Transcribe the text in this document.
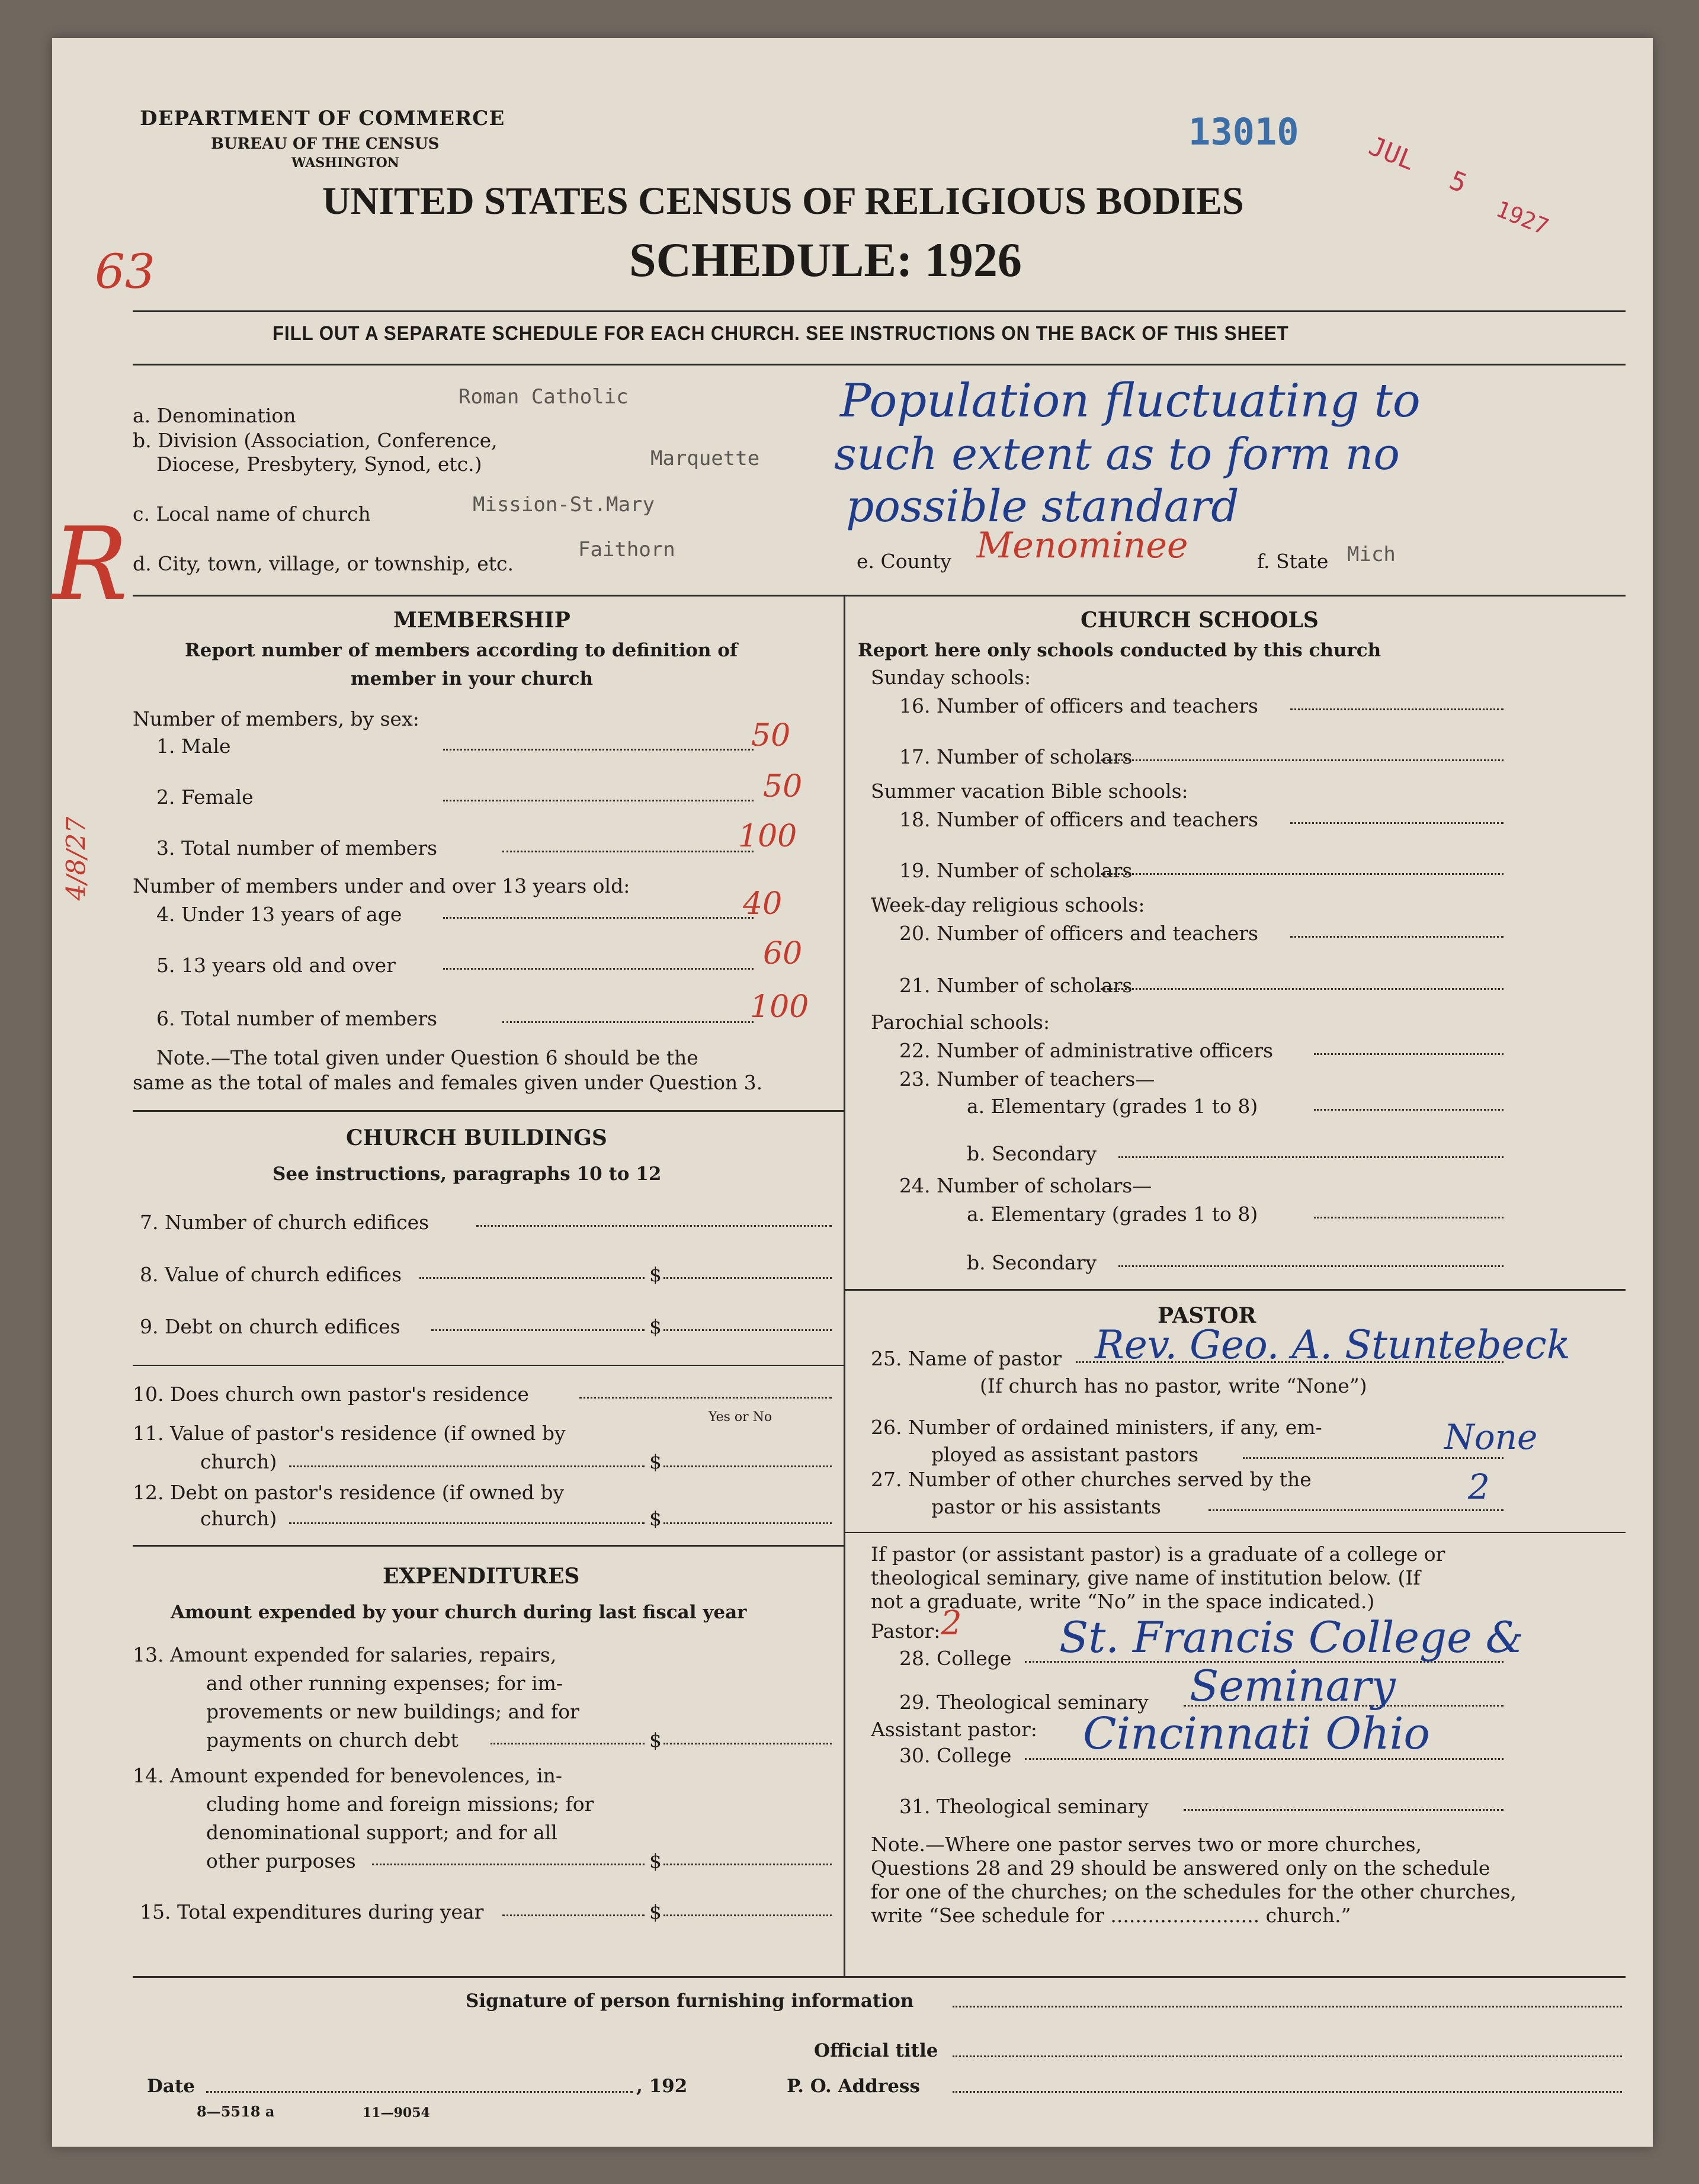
DEPARTMENT OF COMMERCE
BUREAU OF THE CENSUS
WASHINGTON
13010	JUL
5
1927
UNITED STATES CENSUS OF RELIGIOUS BODIES
SCHEDULE: 1926
63
FILL OUT A SEPARATE SCHEDULE FOR EACH CHURCH. SEE INSTRUCTIONS ON THE BACK OF THIS SHEET
Roman Catholic
a. Denomination
b. Division (Association, Conference,
Diocese, Presbytery, Synod, etc.)	Marquette
Mission-St.Mary
c. Local name of church
Faithorn
d. City, town, village, or township, etc.	e. County Menominee	f. State Mich
Population fluctuating to
such extent as to form no
possible standard
R
4/8/27
MEMBERSHIP
Report number of members according to definition of
member in your church
Number of members, by sex:
1. Male	50
2. Female	50
3. Total number of members	100
Number of members under and over 13 years old:
4. Under 13 years of age	40
5. 13 years old and over	60
6. Total number of members	100
Note.—The total given under Question 6 should be the
same as the total of males and females given under Question 3.
CHURCH BUILDINGS
See instructions, paragraphs 10 to 12
7. Number of church edifices
8. Value of church edifices	$
9. Debt on church edifices	$
10. Does church own pastor's residence
Yes or No
11. Value of pastor's residence (if owned by
church)	$
12. Debt on pastor's residence (if owned by
church)	$
EXPENDITURES
Amount expended by your church during last fiscal year
13. Amount expended for salaries, repairs,
and other running expenses; for im-
provements or new buildings; and for
payments on church debt	$
14. Amount expended for benevolences, in-
cluding home and foreign missions; for
denominational support; and for all
other purposes	$
15. Total expenditures during year	$
CHURCH SCHOOLS
Report here only schools conducted by this church
Sunday schools:
16. Number of officers and teachers
17. Number of scholars
Summer vacation Bible schools:
18. Number of officers and teachers
19. Number of scholars
Week-day religious schools:
20. Number of officers and teachers
21. Number of scholars
Parochial schools:
22. Number of administrative officers
23. Number of teachers—
a. Elementary (grades 1 to 8)
b. Secondary
24. Number of scholars—
a. Elementary (grades 1 to 8)
b. Secondary
PASTOR
25. Name of pastor Rev. Geo. A. Stuntebeck
(If church has no pastor, write “None”)
26. Number of ordained ministers, if any, em-
ployed as assistant pastors	None
27. Number of other churches served by the
pastor or his assistants	2
If pastor (or assistant pastor) is a graduate of a college or
theological seminary, give name of institution below. (If
not a graduate, write “No” in the space indicated.)
Pastor: 2
28. College St. Francis College &
29. Theological seminary Seminary
Assistant pastor:
30. College Cincinnati Ohio
31. Theological seminary
Note.—Where one pastor serves two or more churches,
Questions 28 and 29 should be answered only on the schedule
for one of the churches; on the schedules for the other churches,
write “See schedule for ........................ church.”
Signature of person furnishing information
Official title
Date	, 192	P. O. Address
8—5518 a	11—9054
